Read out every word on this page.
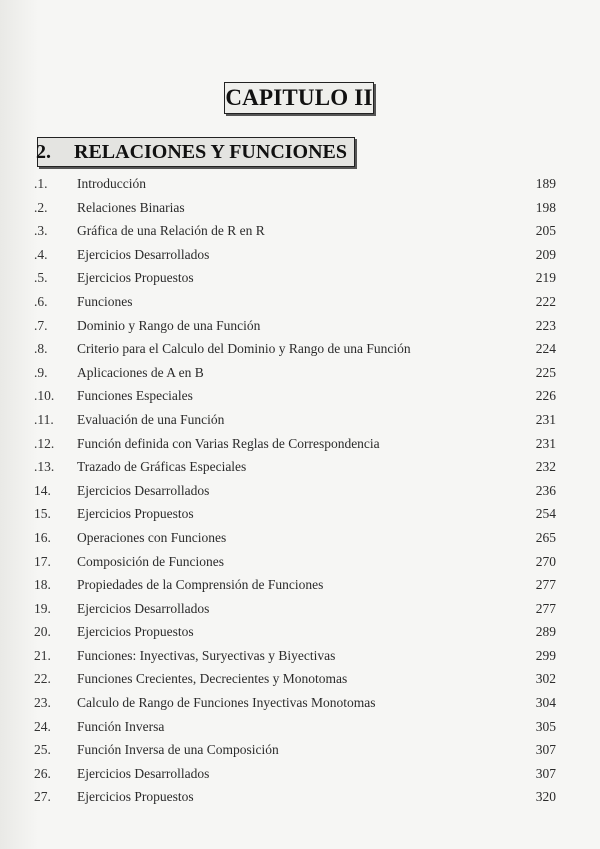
CAPITULO II
2.	RELACIONES Y FUNCIONES
.1. Introducción	189
.2. Relaciones Binarias	198
.3. Gráfica de una Relación de R en R	205
.4. Ejercicios Desarrollados	209
.5. Ejercicios Propuestos	219
.6. Funciones	222
.7. Dominio y Rango de una Función	223
.8. Criterio para el Calculo del Dominio y Rango de una Función	224
.9. Aplicaciones de A en B	225
.10. Funciones Especiales	226
.11. Evaluación de una Función	231
.12. Función definida con Varias Reglas de Correspondencia	231
.13. Trazado de Gráficas Especiales	232
14. Ejercicios Desarrollados	236
15. Ejercicios Propuestos	254
16. Operaciones con Funciones	265
17. Composición de Funciones	270
18. Propiedades de la Comprensión de Funciones	277
19. Ejercicios Desarrollados	277
20. Ejercicios Propuestos	289
21. Funciones: Inyectivas, Suryectivas y Biyectivas	299
22. Funciones Crecientes, Decrecientes y Monotomas	302
23. Calculo de Rango de Funciones Inyectivas Monotomas	304
24. Función Inversa	305
25. Función Inversa de una Composición	307
26. Ejercicios Desarrollados	307
27. Ejercicios Propuestos	320
